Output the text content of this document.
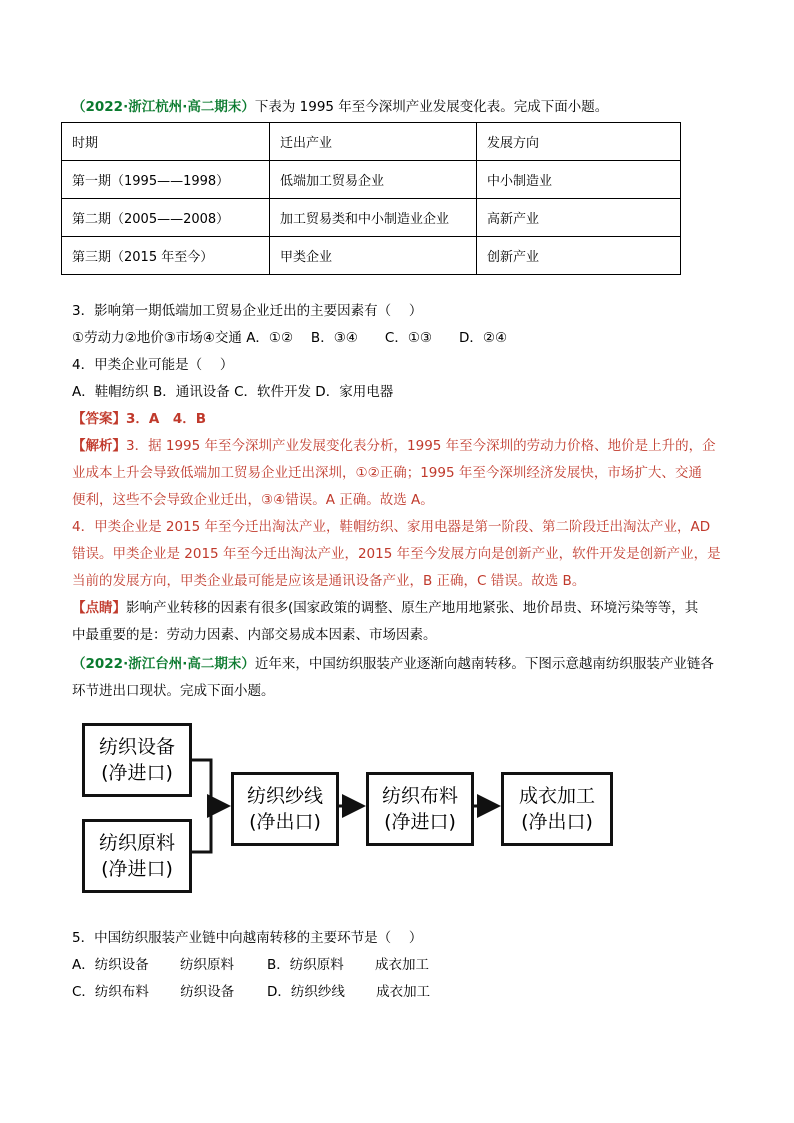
（2022·浙江杭州·高二期末）下表为 1995 年至今深圳产业发展变化表。完成下面小题。
时期	迁出产业	发展方向
第一期（1995——1998）	低端加工贸易企业	中小制造业
第二期（2005——2008）	加工贸易类和中小制造业企业	高新产业
第三期（2015 年至今）	甲类企业	创新产业
3．影响第一期低端加工贸易企业迁出的主要因素有（　 ）
①劳动力②地价③市场④交通 A．①②　 B．③④　　C．①③　　D．②④
4．甲类企业可能是（　 ）
A．鞋帽纺织 B．通讯设备 C．软件开发 D．家用电器
【答案】3．A　4．B
【解析】3．据 1995 年至今深圳产业发展变化表分析，1995 年至今深圳的劳动力价格、地价是上升的，企
业成本上升会导致低端加工贸易企业迁出深圳，①②正确；1995 年至今深圳经济发展快，市场扩大、交通
便利，这些不会导致企业迁出，③④错误。A 正确。故选 A。
4．甲类企业是 2015 年至今迁出淘汰产业，鞋帽纺织、家用电器是第一阶段、第二阶段迁出淘汰产业，AD
错误。甲类企业是 2015 年至今迁出淘汰产业，2015 年至今发展方向是创新产业，软件开发是创新产业，是
当前的发展方向，甲类企业最可能是应该是通讯设备产业，B 正确，C 错误。故选 B。
【点睛】影响产业转移的因素有很多(国家政策的调整、原生产地用地紧张、地价昂贵、环境污染等等，其
中最重要的是：劳动力因素、内部交易成本因素、市场因素。
（2022·浙江台州·高二期末）近年来，中国纺织服装产业逐渐向越南转移。下图示意越南纺织服装产业链各
环节进出口现状。完成下面小题。
纺织设备
(净进口)
纺织原料
(净进口)
纺织纱线
(净出口)
纺织布料
(净进口)
成衣加工
(净出口)
5．中国纺织服装产业链中向越南转移的主要环节是（　 ）
A．纺织设备　　 纺织原料 B．纺织原料　　 成衣加工
C．纺织布料　　 纺织设备 D．纺织纱线　　 成衣加工
